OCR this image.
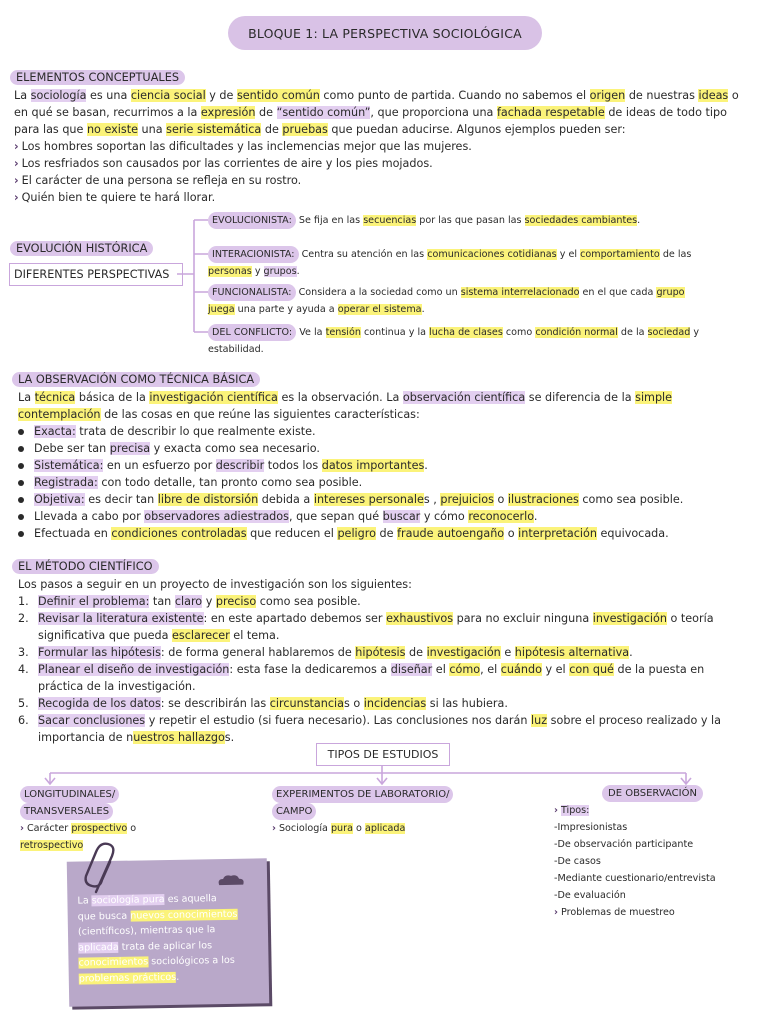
BLOQUE 1: LA PERSPECTIVA SOCIOLÓGICA
ELEMENTOS CONCEPTUALES
La sociología es una ciencia social y de sentido común como punto de partida. Cuando no sabemos el origen de nuestras ideas o
en qué se basan, recurrimos a la expresión de “sentido común”, que proporciona una fachada respetable de ideas de todo tipo
para las que no existe una serie sistemática de pruebas que puedan aducirse. Algunos ejemplos pueden ser:
› Los hombres soportan las dificultades y las inclemencias mejor que las mujeres.
› Los resfriados son causados por las corrientes de aire y los pies mojados.
› El carácter de una persona se refleja en su rostro.
› Quién bien te quiere te hará llorar.
EVOLUCIÓN HISTÓRICA
DIFERENTES PERSPECTIVAS
EVOLUCIONISTA: Se fija en las secuencias por las que pasan las sociedades cambiantes.
INTERACIONISTA: Centra su atención en las comunicaciones cotidianas y el comportamiento de las
personas y grupos.
FUNCIONALISTA: Considera a la sociedad como un sistema interrelacionado en el que cada grupo
juega una parte y ayuda a operar el sistema.
DEL CONFLICTO: Ve la tensión continua y la lucha de clases como condición normal de la sociedad y
estabilidad.
LA OBSERVACIÓN COMO TÉCNICA BÁSICA
La técnica básica de la investigación científica es la observación. La observación científica se diferencia de la simple
contemplación de las cosas en que reúne las siguientes características:
Exacta: trata de describir lo que realmente existe.
Debe ser tan precisa y exacta como sea necesario.
Sistemática: en un esfuerzo por describir todos los datos importantes.
Registrada: con todo detalle, tan pronto como sea posible.
Objetiva: es decir tan libre de distorsión debida a intereses personales , prejuicios o ilustraciones como sea posible.
Llevada a cabo por observadores adiestrados, que sepan qué buscar y cómo reconocerlo.
Efectuada en condiciones controladas que reducen el peligro de fraude autoengaño o interpretación equivocada.
EL MÉTODO CIENTÍFICO
Los pasos a seguir en un proyecto de investigación son los siguientes:
1. Definir el problema: tan claro y preciso como sea posible.
2. Revisar la literatura existente: en este apartado debemos ser exhaustivos para no excluir ninguna investigación o teoría
significativa que pueda esclarecer el tema.
3. Formular las hipótesis: de forma general hablaremos de hipótesis de investigación e hipótesis alternativa.
4. Planear el diseño de investigación: esta fase la dedicaremos a diseñar el cómo, el cuándo y el con qué de la puesta en
práctica de la investigación.
5. Recogida de los datos: se describirán las circunstancias o incidencias si las hubiera.
6. Sacar conclusiones y repetir el estudio (si fuera necesario). Las conclusiones nos darán luz sobre el proceso realizado y la
importancia de nuestros hallazgos.
TIPOS DE ESTUDIOS
LONGITUDINALES/
TRANSVERSALES
› Carácter prospectivo o
retrospectivo
EXPERIMENTOS DE LABORATORIO/
CAMPO
› Sociología pura o aplicada
DE OBSERVACIÓN
› Tipos:
-Impresionistas
-De observación participante
-De casos
-Mediante cuestionario/entrevista
-De evaluación
› Problemas de muestreo
La sociología pura es aquella
que busca nuevos conocimientos
(científicos), mientras que la
aplicada trata de aplicar los
conocimientos sociológicos a los
problemas prácticos.
